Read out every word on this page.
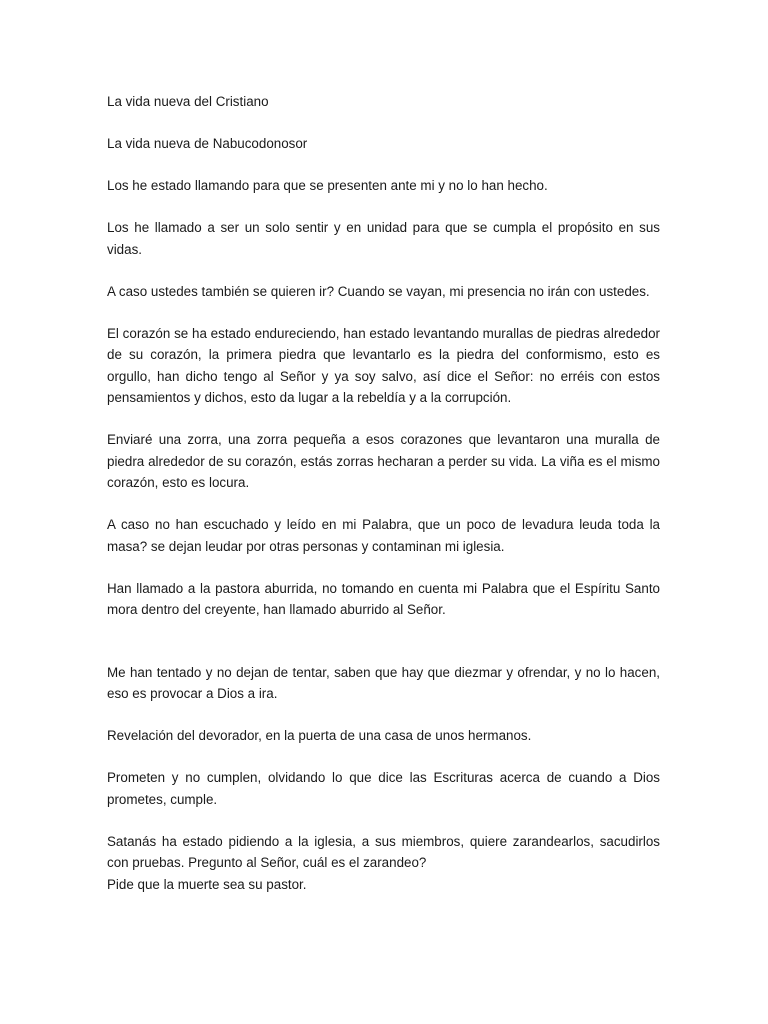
La vida nueva del Cristiano

La vida nueva de Nabucodonosor

Los he estado llamando para que se presenten ante mi y no lo han hecho.

Los he llamado a ser un solo sentir y en unidad para que se cumpla el propósito en sus vidas.

A caso ustedes también se quieren ir? Cuando se vayan, mi presencia no irán con ustedes.

El corazón se ha estado endureciendo, han estado levantando murallas de piedras alrededor de su corazón, la primera piedra que levantarlo es la piedra del conformismo, esto es orgullo, han dicho tengo al Señor y ya soy salvo, así dice el Señor: no erréis con estos pensamientos y dichos, esto da lugar a la rebeldía y a la corrupción.

Enviaré una zorra, una zorra pequeña a esos corazones que levantaron una muralla de piedra alrededor de su corazón, estás zorras hecharan a perder su vida. La viña es el mismo corazón, esto es locura.

A caso no han escuchado y leído en mi Palabra, que un poco de levadura leuda toda la masa? se dejan leudar por otras personas y contaminan mi iglesia.

Han llamado a la pastora aburrida, no tomando en cuenta mi Palabra que el Espíritu Santo mora dentro del creyente, han llamado aburrido al Señor.

Me han tentado y no dejan de tentar, saben que hay que diezmar y ofrendar, y no lo hacen, eso es provocar a Dios a ira.

Revelación del devorador, en la puerta de una casa de unos hermanos.

Prometen y no cumplen, olvidando lo que dice las Escrituras acerca de cuando a Dios prometes, cumple.

Satanás ha estado pidiendo a la iglesia, a sus miembros, quiere zarandearlos, sacudirlos con pruebas. Pregunto al Señor, cuál es el zarandeo?

Pide que la muerte sea su pastor.
